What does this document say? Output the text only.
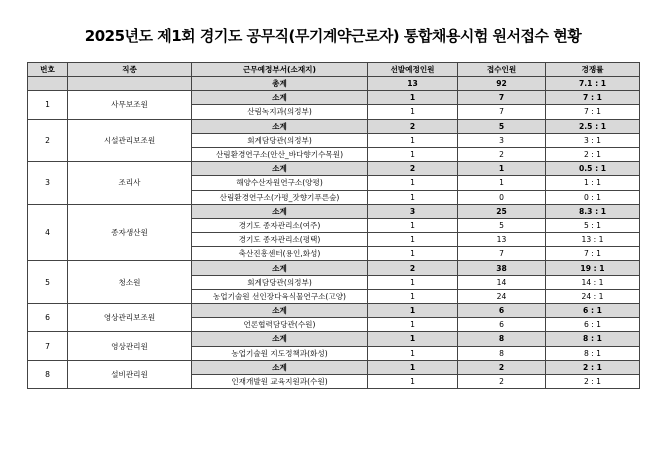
2025년도 제1회 경기도 공무직(무기계약근로자) 통합채용시험 원서접수 현황
번호	직종	근무예정부서(소재지)	선발예정인원	접수인원	경쟁률
		총계	13	92	7.1 : 1
1	사무보조원	소계	1	7	7 : 1
		산림녹지과(의정부)	1	7	7 : 1
2	시설관리보조원	소계	2	5	2.5 : 1
		회계담당관(의정부)	1	3	3 : 1
		산림환경연구소(안산_바다향기수목원)	1	2	2 : 1
3	조리사	소계	2	1	0.5 : 1
		해양수산자원연구소(양평)	1	1	1 : 1
		산림환경연구소(가평_잣향기푸른숲)	1	0	0 : 1
4	종자생산원	소계	3	25	8.3 : 1
		경기도 종자관리소(여주)	1	5	5 : 1
		경기도 종자관리소(평택)	1	13	13 : 1
		축산진흥센터(용인,화성)	1	7	7 : 1
5	청소원	소계	2	38	19 : 1
		회계담당관(의정부)	1	14	14 : 1
		농업기술원 선인장다육식물연구소(고양)	1	24	24 : 1
6	영상관리보조원	소계	1	6	6 : 1
		언론협력담당관(수원)	1	6	6 : 1
7	영상관리원	소계	1	8	8 : 1
		농업기술원 지도정책과(화성)	1	8	8 : 1
8	설비관리원	소계	1	2	2 : 1
		인재개발원 교육지원과(수원)	1	2	2 : 1
